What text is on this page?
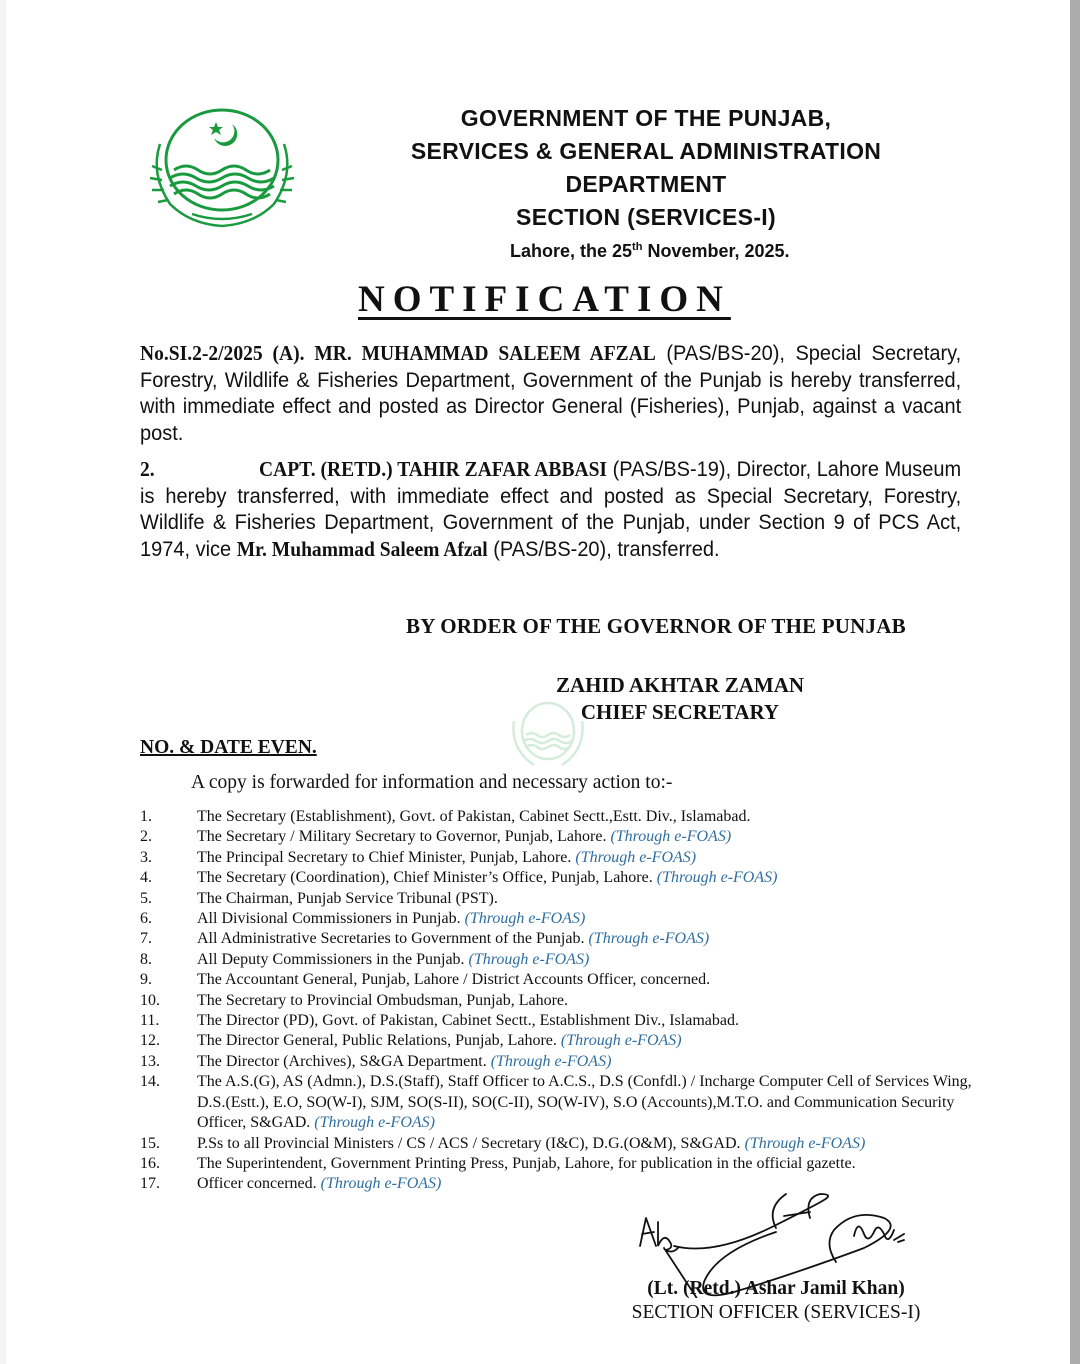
GOVERNMENT OF THE PUNJAB,
SERVICES & GENERAL ADMINISTRATION
DEPARTMENT
SECTION (SERVICES-I)
Lahore, the 25th November, 2025.
NOTIFICATION
No.SI.2-2/2025 (A). MR. MUHAMMAD SALEEM AFZAL (PAS/BS-20), Special Secretary, Forestry, Wildlife & Fisheries Department, Government of the Punjab is hereby transferred, with immediate effect and posted as Director General (Fisheries), Punjab, against a vacant post.
2.	CAPT. (RETD.) TAHIR ZAFAR ABBASI (PAS/BS-19), Director, Lahore Museum is hereby transferred, with immediate effect and posted as Special Secretary, Forestry, Wildlife & Fisheries Department, Government of the Punjab, under Section 9 of PCS Act, 1974, vice Mr. Muhammad Saleem Afzal (PAS/BS-20), transferred.
BY ORDER OF THE GOVERNOR OF THE PUNJAB
ZAHID AKHTAR ZAMAN
CHIEF SECRETARY
NO. & DATE EVEN.
A copy is forwarded for information and necessary action to:-
1.	The Secretary (Establishment), Govt. of Pakistan, Cabinet Sectt.,Estt. Div., Islamabad.
2.	The Secretary / Military Secretary to Governor, Punjab, Lahore. (Through e-FOAS)
3.	The Principal Secretary to Chief Minister, Punjab, Lahore. (Through e-FOAS)
4.	The Secretary (Coordination), Chief Minister’s Office, Punjab, Lahore. (Through e-FOAS)
5.	The Chairman, Punjab Service Tribunal (PST).
6.	All Divisional Commissioners in Punjab. (Through e-FOAS)
7.	All Administrative Secretaries to Government of the Punjab. (Through e-FOAS)
8.	All Deputy Commissioners in the Punjab. (Through e-FOAS)
9.	The Accountant General, Punjab, Lahore / District Accounts Officer, concerned.
10.	The Secretary to Provincial Ombudsman, Punjab, Lahore.
11.	The Director (PD), Govt. of Pakistan, Cabinet Sectt., Establishment Div., Islamabad.
12.	The Director General, Public Relations, Punjab, Lahore. (Through e-FOAS)
13.	The Director (Archives), S&GA Department. (Through e-FOAS)
14.	The A.S.(G), AS (Admn.), D.S.(Staff), Staff Officer to A.C.S., D.S (Confdl.) / Incharge Computer Cell of Services Wing, D.S.(Estt.), E.O, SO(W-I), SJM, SO(S-II), SO(C-II), SO(W-IV), S.O (Accounts),M.T.O. and Communication Security Officer, S&GAD. (Through e-FOAS)
15.	P.Ss to all Provincial Ministers / CS / ACS / Secretary (I&C), D.G.(O&M), S&GAD. (Through e-FOAS)
16.	The Superintendent, Government Printing Press, Punjab, Lahore, for publication in the official gazette.
17.	Officer concerned. (Through e-FOAS)
(Lt. (Retd.) Ashar Jamil Khan)
SECTION OFFICER (SERVICES-I)
